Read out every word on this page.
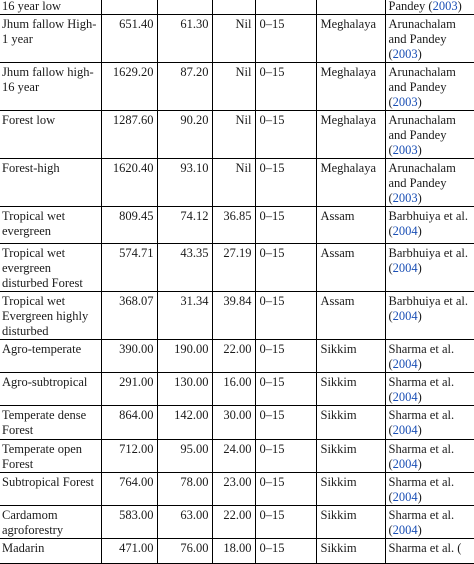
16 year low						Pandey (2003)
Jhum fallow High-1 year	651.40	61.30	Nil	0–15	Meghalaya	Arunachalam and Pandey (2003)
Jhum fallow high-16 year	1629.20	87.20	Nil	0–15	Meghalaya	Arunachalam and Pandey (2003)
Forest low	1287.60	90.20	Nil	0–15	Meghalaya	Arunachalam and Pandey (2003)
Forest-high	1620.40	93.10	Nil	0–15	Meghalaya	Arunachalam and Pandey (2003)
Tropical wet evergreen	809.45	74.12	36.85	0–15	Assam	Barbhuiya et al. (2004)
Tropical wet evergreen disturbed Forest	574.71	43.35	27.19	0–15	Assam	Barbhuiya et al. (2004)
Tropical wet Evergreen highly disturbed	368.07	31.34	39.84	0–15	Assam	Barbhuiya et al. (2004)
Agro-temperate	390.00	190.00	22.00	0–15	Sikkim	Sharma et al. (2004)
Agro-subtropical	291.00	130.00	16.00	0–15	Sikkim	Sharma et al. (2004)
Temperate dense Forest	864.00	142.00	30.00	0–15	Sikkim	Sharma et al. (2004)
Temperate open Forest	712.00	95.00	24.00	0–15	Sikkim	Sharma et al. (2004)
Subtropical Forest	764.00	78.00	23.00	0–15	Sikkim	Sharma et al. (2004)
Cardamom agroforestry	583.00	63.00	22.00	0–15	Sikkim	Sharma et al. (2004)
Madarin	471.00	76.00	18.00	0–15	Sikkim	Sharma et al. (
